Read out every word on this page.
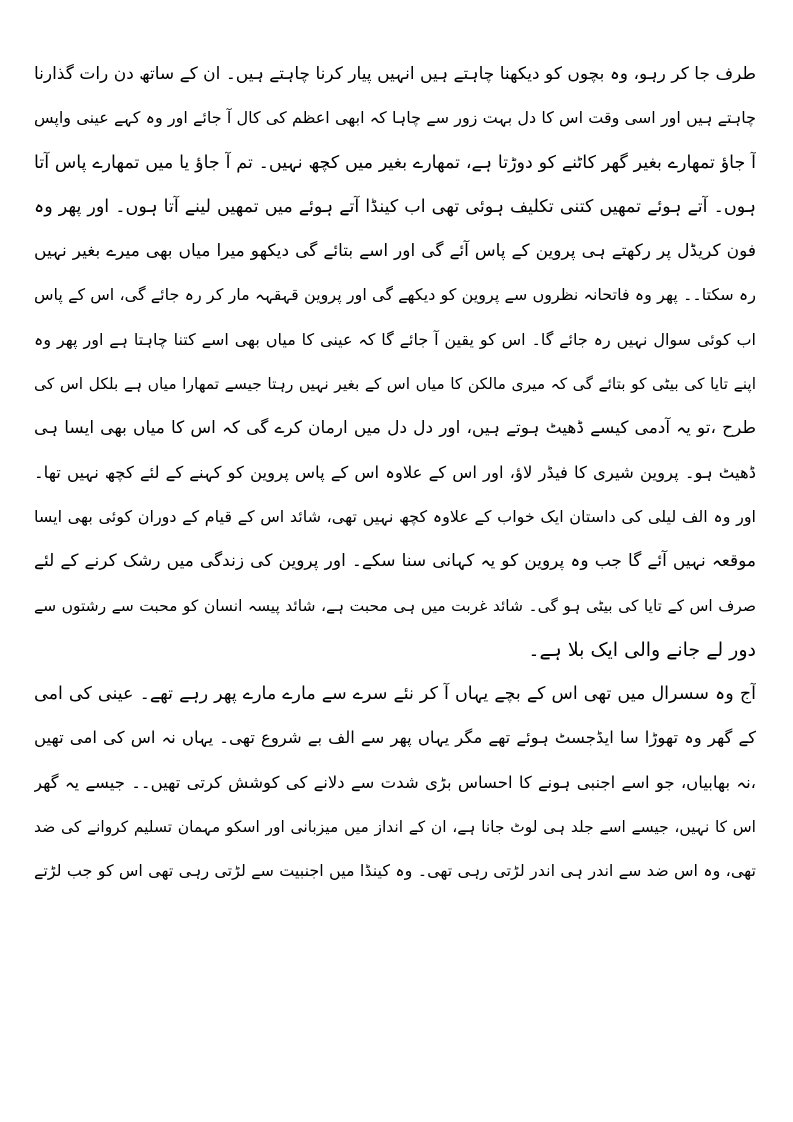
طرف جا کر رہو، وہ بچوں کو دیکھنا چاہتے ہیں انہیں پیار کرنا چاہتے ہیں۔ ان کے ساتھ دن رات گذارنا
چاہتے ہیں اور اسی وقت اس کا دل بہت زور سے چاہا کہ ابھی اعظم کی کال آ جائے اور وہ کہے عینی واپس
آ جاؤ تمھارے بغیر گھر کاٹنے کو دوڑتا ہے، تمھارے بغیر میں کچھ نہیں۔ تم آ جاؤ یا میں تمھارے پاس آتا
ہوں۔ آتے ہوئے تمھیں کتنی تکلیف ہوئی تھی اب کینڈا آتے ہوئے میں تمھیں لینے آتا ہوں۔ اور پھر وہ
فون کریڈل پر رکھتے ہی پروین کے پاس آئے گی اور اسے بتائے گی دیکھو میرا میاں بھی میرے بغیر نہیں
رہ سکتا۔۔ پھر وہ فاتحانہ نظروں سے پروین کو دیکھے گی اور پروین قہقہہ مار کر رہ جائے گی، اس کے پاس
اب کوئی سوال نہیں رہ جائے گا۔ اس کو یقین آ جائے گا کہ عینی کا میاں بھی اسے کتنا چاہتا ہے اور پھر وہ
اپنے تایا کی بیٹی کو بتائے گی کہ میری مالکن کا میاں اس کے بغیر نہیں رہتا جیسے تمھارا میاں ہے بلکل اس کی
طرح ،تو یہ آدمی کیسے ڈھیٹ ہوتے ہیں، اور دل دل میں ارمان کرے گی کہ اس کا میاں بھی ایسا ہی
ڈھیٹ ہو۔ پروین شیری کا فیڈر لاؤ، اور اس کے علاوہ اس کے پاس پروین کو کہنے کے لئے کچھ نہیں تھا۔
اور وہ الف لیلی کی داستان ایک خواب کے علاوہ کچھ نہیں تھی، شائد اس کے قیام کے دوران کوئی بھی ایسا
موقعہ نہیں آئے گا جب وہ پروین کو یہ کہانی سنا سکے۔ اور پروین کی زندگی میں رشک کرنے کے لئے
صرف اس کے تایا کی بیٹی ہو گی۔ شائد غربت میں ہی محبت ہے، شائد پیسہ انسان کو محبت سے رشتوں سے
دور لے جانے والی ایک بلا ہے۔
آج وہ سسرال میں تھی اس کے بچے یہاں آ کر نئے سرے سے مارے مارے پھر رہے تھے۔ عینی کی امی
کے گھر وہ تھوڑا سا ایڈجسٹ ہوئے تھے مگر یہاں پھر سے الف بے شروع تھی۔ یہاں نہ اس کی امی تھیں
،نہ بھابیاں، جو اسے اجنبی ہونے کا احساس بڑی شدت سے دلانے کی کوشش کرتی تھیں۔۔ جیسے یہ گھر
اس کا نہیں، جیسے اسے جلد ہی لوٹ جانا ہے، ان کے انداز میں میزبانی اور اسکو مہمان تسلیم کروانے کی ضد
تھی، وہ اس ضد سے اندر ہی اندر لڑتی رہی تھی۔ وہ کینڈا میں اجنبیت سے لڑتی رہی تھی اس کو جب لڑتے
